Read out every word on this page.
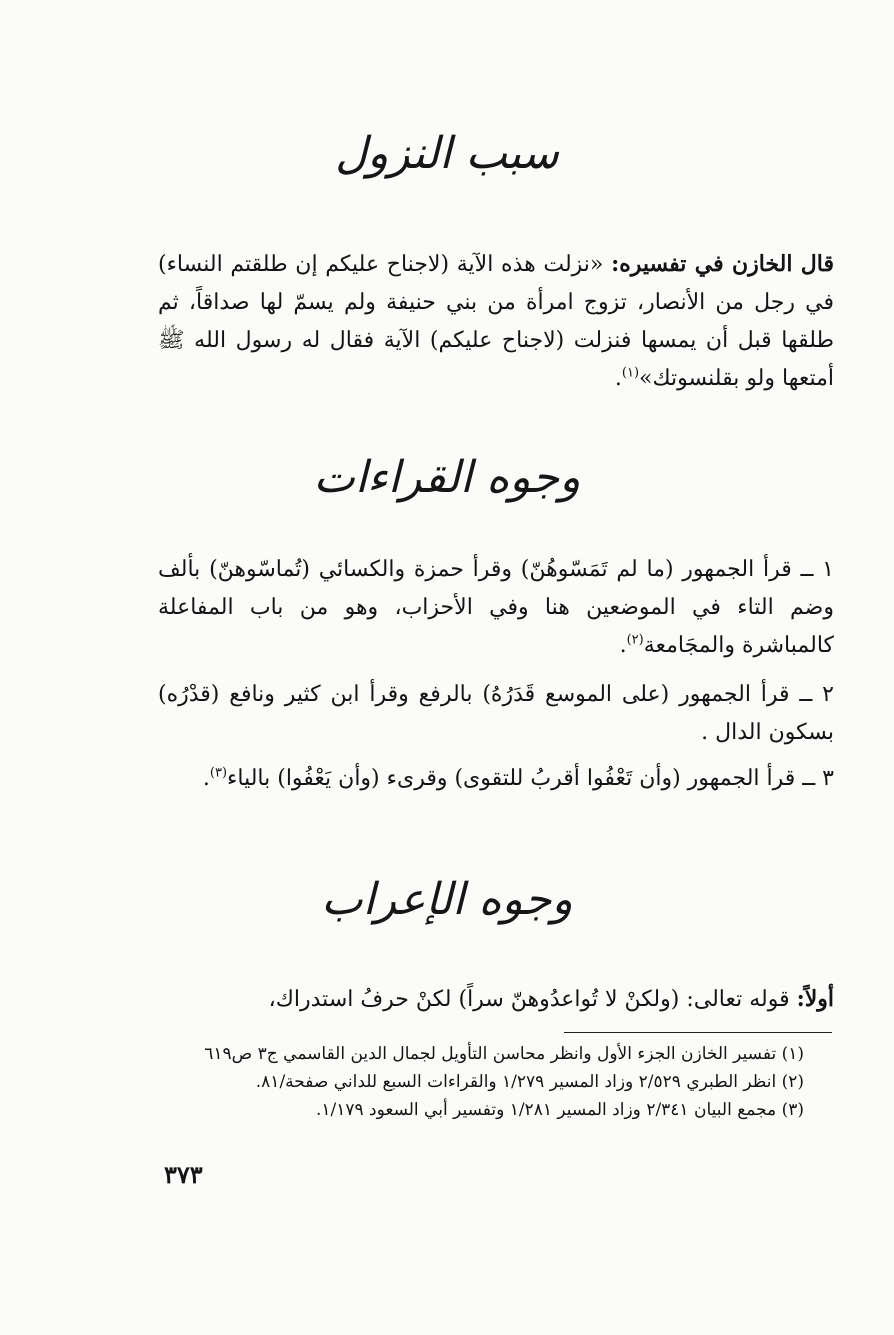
سبب النزول

قال الخازن في تفسيره: «نزلت هذه الآية (لاجناح عليكم إن طلقتم النساء) في رجل من الأنصار، تزوج امرأة من بني حنيفة ولم يسمّ لها صداقاً، ثم طلقها قبل أن يمسها فنزلت (لاجناح عليكم) الآية فقال له رسول الله ﷺ أمتعها ولو بقلنسوتك»$^{(١)}$.

وجوه القراءات

١ ــ قرأ الجمهور (ما لم تَمَسّوهُنّ) وقرأ حمزة والكسائي (تُماسّوهنّ) بألف وضم التاء في الموضعين هنا وفي الأحزاب، وهو من باب المفاعلة كالمباشرة والمجَامعة$^{(٢)}$.

٢ ــ قرأ الجمهور (على الموسع قَدَرُهُ) بالرفع وقرأ ابن كثير ونافع (قدْرُه) بسكون الدال .

٣ ــ قرأ الجمهور (وأن تَعْفُوا أقربُ للتقوى) وقرىء (وأن يَعْفُوا) بالياء$^{(٣)}$.

وجوه الإعراب

أولاً: قوله تعالى: (ولكنْ لا تُواعدُوهنّ سراً) لكنْ حرفُ استدراك،

(١) تفسير الخازن الجزء الأول وانظر محاسن التأويل لجمال الدين القاسمي ج٣ ص٦١٩
(٢) انظر الطبري ٢/٥٢٩ وزاد المسير ١/٢٧٩ والقراءات السبع للداني صفحة/٨١.
(٣) مجمع البيان ٢/٣٤١ وزاد المسير ١/٢٨١ وتفسير أبي السعود ١/١٧٩.
٣٧٣
